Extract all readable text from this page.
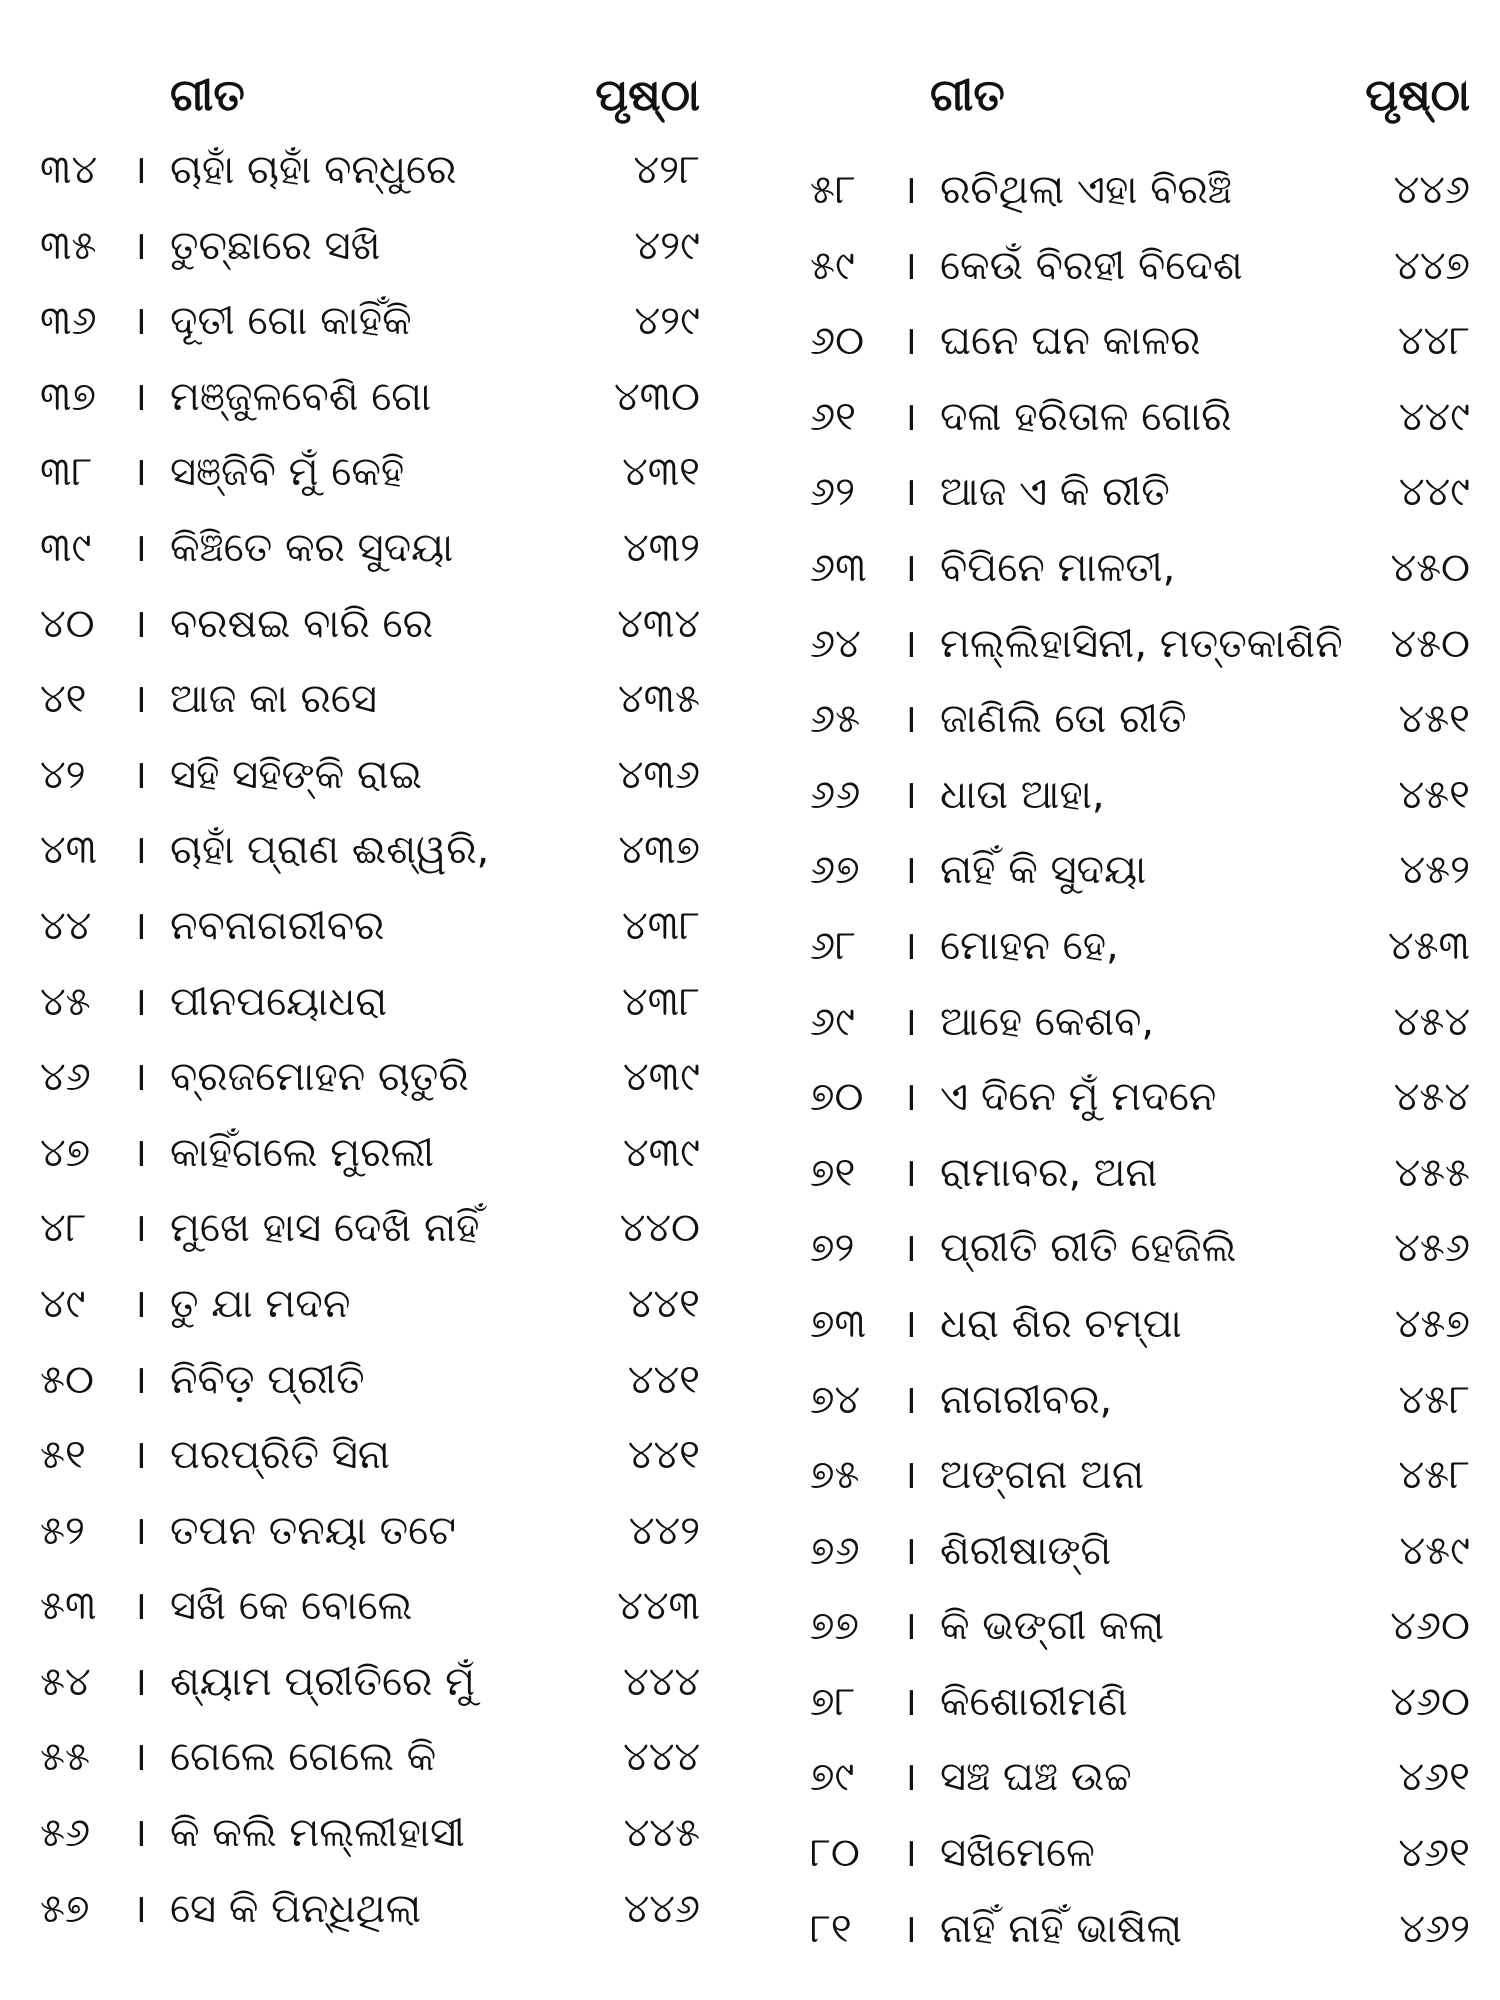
ଗୀତ	ପୃଷ୍ଠା
୩୪ । ଚାହାଁ ଚାହାଁ ବନ୍ଧୁରେ	୪୨୮
୩୫ । ତୁଚ୍ଛାରେ ସଖି	୪୨୯
୩୬ । ଦୂତୀ ଗୋ କାହିଁକି	୪୨୯
୩୭ । ମଞ୍ଜୁଳବେଶି ଗୋ	୪୩୦
୩୮ । ସଞ୍ଜିବି ମୁଁ କେହି	୪୩୧
୩୯	। କିଞ୍ଚିତେ କର ସୁଦୟା	୪୩୨
୪୦ । ବରଷଇ ବାରି ରେ	୪୩୪
୪୧	। ଆଜ କା ରସେ	୪୩୫
୪୨	। ସହି ସହିଙ୍କି ରାଇ	୪୩୬
୪୩ । ଚାହାଁ ପ୍ରାଣ ଈଶ୍ୱରି,	୪୩୭
୪୪	। ନବନାଗରୀବର	୪୩୮
୪୫	। ପୀନପୟୋଧରା	୪୩୮
୪୬	। ବ୍ରଜମୋହନ ଚାତୁରି	୪୩୯
୪୭	। କାହିଁଗଲେ ମୁରଲୀ	୪୩୯
୪୮	। ମୁଖେ ହାସ ଦେଖି ନାହିଁ	୪୪୦
୪୯	। ତୁ ଯା ମଦନ	୪୪୧
୫୦ । ନିବିଡ଼ ପ୍ରୀତି	୪୪୧
୫୧	। ପରପ୍ରିତି ସିନା	୪୪୧
୫୨	। ତପନ ତନୟା ତଟେ	୪୪୨
୫୩ । ସଖି କେ ବୋଲେ	୪୪୩
୫୪	। ଶ୍ୟାମ ପ୍ରୀତିରେ ମୁଁ	୪୪୪
୫୫	। ଗେଲେ ଗେଲେ କି	୪୪୪
୫୬	। କି କଲି ମଲ୍ଲୀହାସୀ	୪୪୫
୫୭	। ସେ କି ପିନ୍ଧିଥିଲା	୪୪୬
ଗୀତ	ପୃଷ୍ଠା
୫୮	। ରଚିଥିଲା ଏହା ବିରଞ୍ଚି	୪୪୬
୫୯	। କେଉଁ ବିରହୀ ବିଦେଶ	୪୪୭
୬୦ । ଘନେ ଘନ କାଳର	୪୪୮
୬୧	। ଦଳା ହରିତାଳ ଗୋରି	୪୪୯
୬୨	। ଆଜ ଏ କି ରୀତି	୪୪୯
୬୩ । ବିପିନେ ମାଳତୀ,	୪୫୦
୬୪	। ମଲ୍ଲିହାସିନୀ, ମତ୍ତକାଶିନି	୪୫୦
୬୫	। ଜାଣିଲି ତୋ ରୀତି	୪୫୧
୬୬	। ଧାତା ଆହା,	୪୫୧
୬୭	। ନାହିଁ କି ସୁଦୟା	୪୫୨
୬୮	। ମୋହନ ହେ,	୪୫୩
୬୯	। ଆହେ କେଶବ,	୪୫୪
୭୦ । ଏ ଦିନେ ମୁଁ ମଦନେ	୪୫୪
୭୧	। ରାମାବର, ଅନା	୪୫୫
୭୨	। ପ୍ରୀତି ରୀତି ହେଜିଲି	୪୫୬
୭୩ । ଧରା ଶିର ଚମ୍ପା	୪୫୭
୭୪	। ନାଗରୀବର,	୪୫୮
୭୫	। ଅଙ୍ଗନା ଅନା	୪୫୮
୭୬	। ଶିରୀଷାଙ୍ଗି	୪୫୯
୭୭	। କି ଭଙ୍ଗୀ କଲା	୪୬୦
୭୮	। କିଶୋରୀମଣି	୪୬୦
୭୯	। ସଞ୍ଚ ଘଞ୍ଚ ଉଚ୍ଚ	୪୬୧
୮୦	। ସଖିମେଳେ	୪୬୧
୮୧	। ନାହିଁ ନାହିଁ ଭାଷିଲା	୪୬୨
